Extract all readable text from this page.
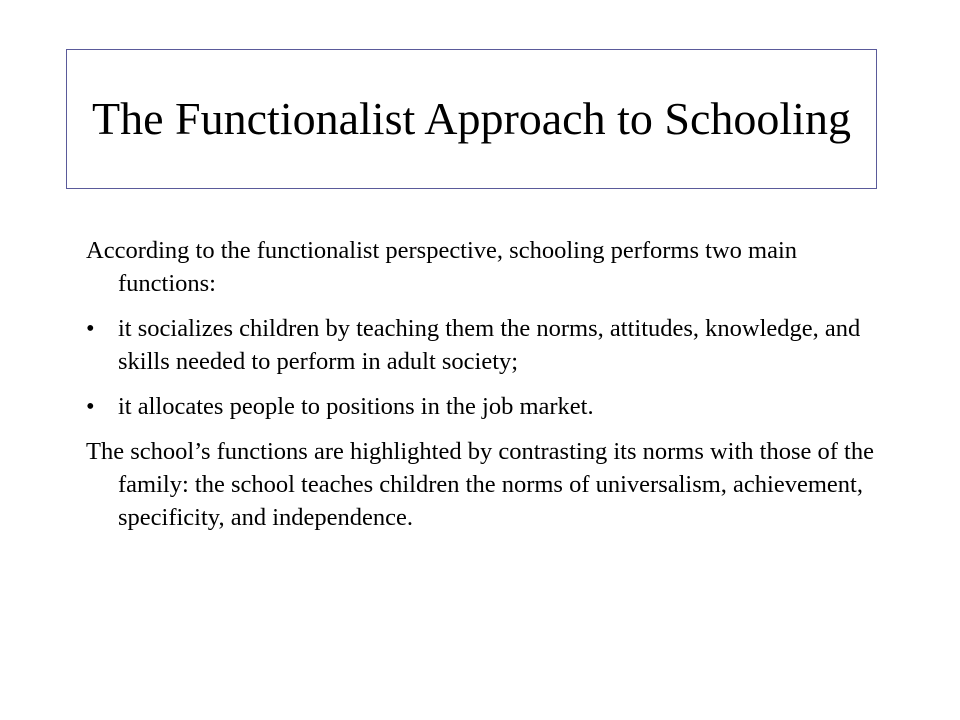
The Functionalist Approach to Schooling

According to the functionalist perspective, schooling performs two main functions:

• it socializes children by teaching them the norms, attitudes, knowledge, and skills needed to perform in adult society;
• it allocates people to positions in the job market.

The school’s functions are highlighted by contrasting its norms with those of the family: the school teaches children the norms of universalism, achievement, specificity, and independence.
